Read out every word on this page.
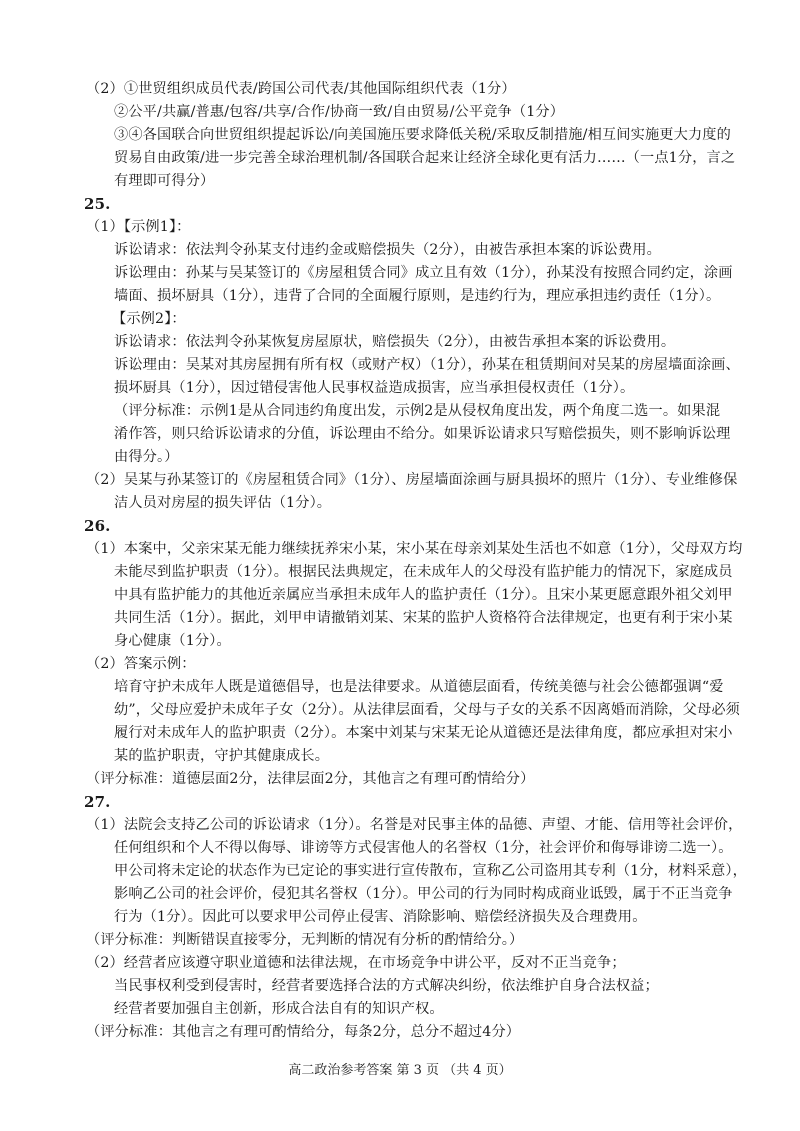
（2）①世贸组织成员代表/跨国公司代表/其他国际组织代表（1分）
②公平/共赢/普惠/包容/共享/合作/协商一致/自由贸易/公平竞争（1分）
③④各国联合向世贸组织提起诉讼/向美国施压要求降低关税/采取反制措施/相互间实施更大力度的
贸易自由政策/进一步完善全球治理机制/各国联合起来让经济全球化更有活力……（一点1分，言之
有理即可得分）
25.
（1）【示例1】：
诉讼请求：依法判令孙某支付违约金或赔偿损失（2分），由被告承担本案的诉讼费用。
诉讼理由：孙某与吴某签订的《房屋租赁合同》成立且有效（1分），孙某没有按照合同约定，涂画
墙面、损坏厨具（1分），违背了合同的全面履行原则，是违约行为，理应承担违约责任（1分）。
【示例2】：
诉讼请求：依法判令孙某恢复房屋原状，赔偿损失（2分），由被告承担本案的诉讼费用。
诉讼理由：吴某对其房屋拥有所有权（或财产权）（1分），孙某在租赁期间对吴某的房屋墙面涂画、
损坏厨具（1分），因过错侵害他人民事权益造成损害，应当承担侵权责任（1分）。
（评分标准：示例1是从合同违约角度出发，示例2是从侵权角度出发，两个角度二选一。如果混
淆作答，则只给诉讼请求的分值，诉讼理由不给分。如果诉讼请求只写赔偿损失，则不影响诉讼理
由得分。）
（2）吴某与孙某签订的《房屋租赁合同》（1分）、房屋墙面涂画与厨具损坏的照片（1分）、专业维修保
洁人员对房屋的损失评估（1分）。
26.
（1）本案中，父亲宋某无能力继续抚养宋小某，宋小某在母亲刘某处生活也不如意（1分），父母双方均
未能尽到监护职责（1分）。根据民法典规定，在未成年人的父母没有监护能力的情况下，家庭成员
中具有监护能力的其他近亲属应当承担未成年人的监护责任（1分）。且宋小某更愿意跟外祖父刘甲
共同生活（1分）。据此，刘甲申请撤销刘某、宋某的监护人资格符合法律规定，也更有利于宋小某
身心健康（1分）。
（2）答案示例：
培育守护未成年人既是道德倡导，也是法律要求。从道德层面看，传统美德与社会公德都强调“爱
幼”，父母应爱护未成年子女（2分）。从法律层面看，父母与子女的关系不因离婚而消除，父母必须
履行对未成年人的监护职责（2分）。本案中刘某与宋某无论从道德还是法律角度，都应承担对宋小
某的监护职责，守护其健康成长。
（评分标准：道德层面2分，法律层面2分，其他言之有理可酌情给分）
27.
（1）法院会支持乙公司的诉讼请求（1分）。名誉是对民事主体的品德、声望、才能、信用等社会评价，
任何组织和个人不得以侮辱、诽谤等方式侵害他人的名誉权（1分，社会评价和侮辱诽谤二选一）。
甲公司将未定论的状态作为已定论的事实进行宣传散布，宣称乙公司盗用其专利（1分，材料采意），
影响乙公司的社会评价，侵犯其名誉权（1分）。甲公司的行为同时构成商业诋毁，属于不正当竞争
行为（1分）。因此可以要求甲公司停止侵害、消除影响、赔偿经济损失及合理费用。
（评分标准：判断错误直接零分，无判断的情况有分析的酌情给分。）
（2）经营者应该遵守职业道德和法律法规，在市场竞争中讲公平，反对不正当竞争；
当民事权利受到侵害时，经营者要选择合法的方式解决纠纷，依法维护自身合法权益；
经营者要加强自主创新，形成合法自有的知识产权。
（评分标准：其他言之有理可酌情给分，每条2分，总分不超过4分）
高二政治参考答案 第 3 页 （共 4 页）
